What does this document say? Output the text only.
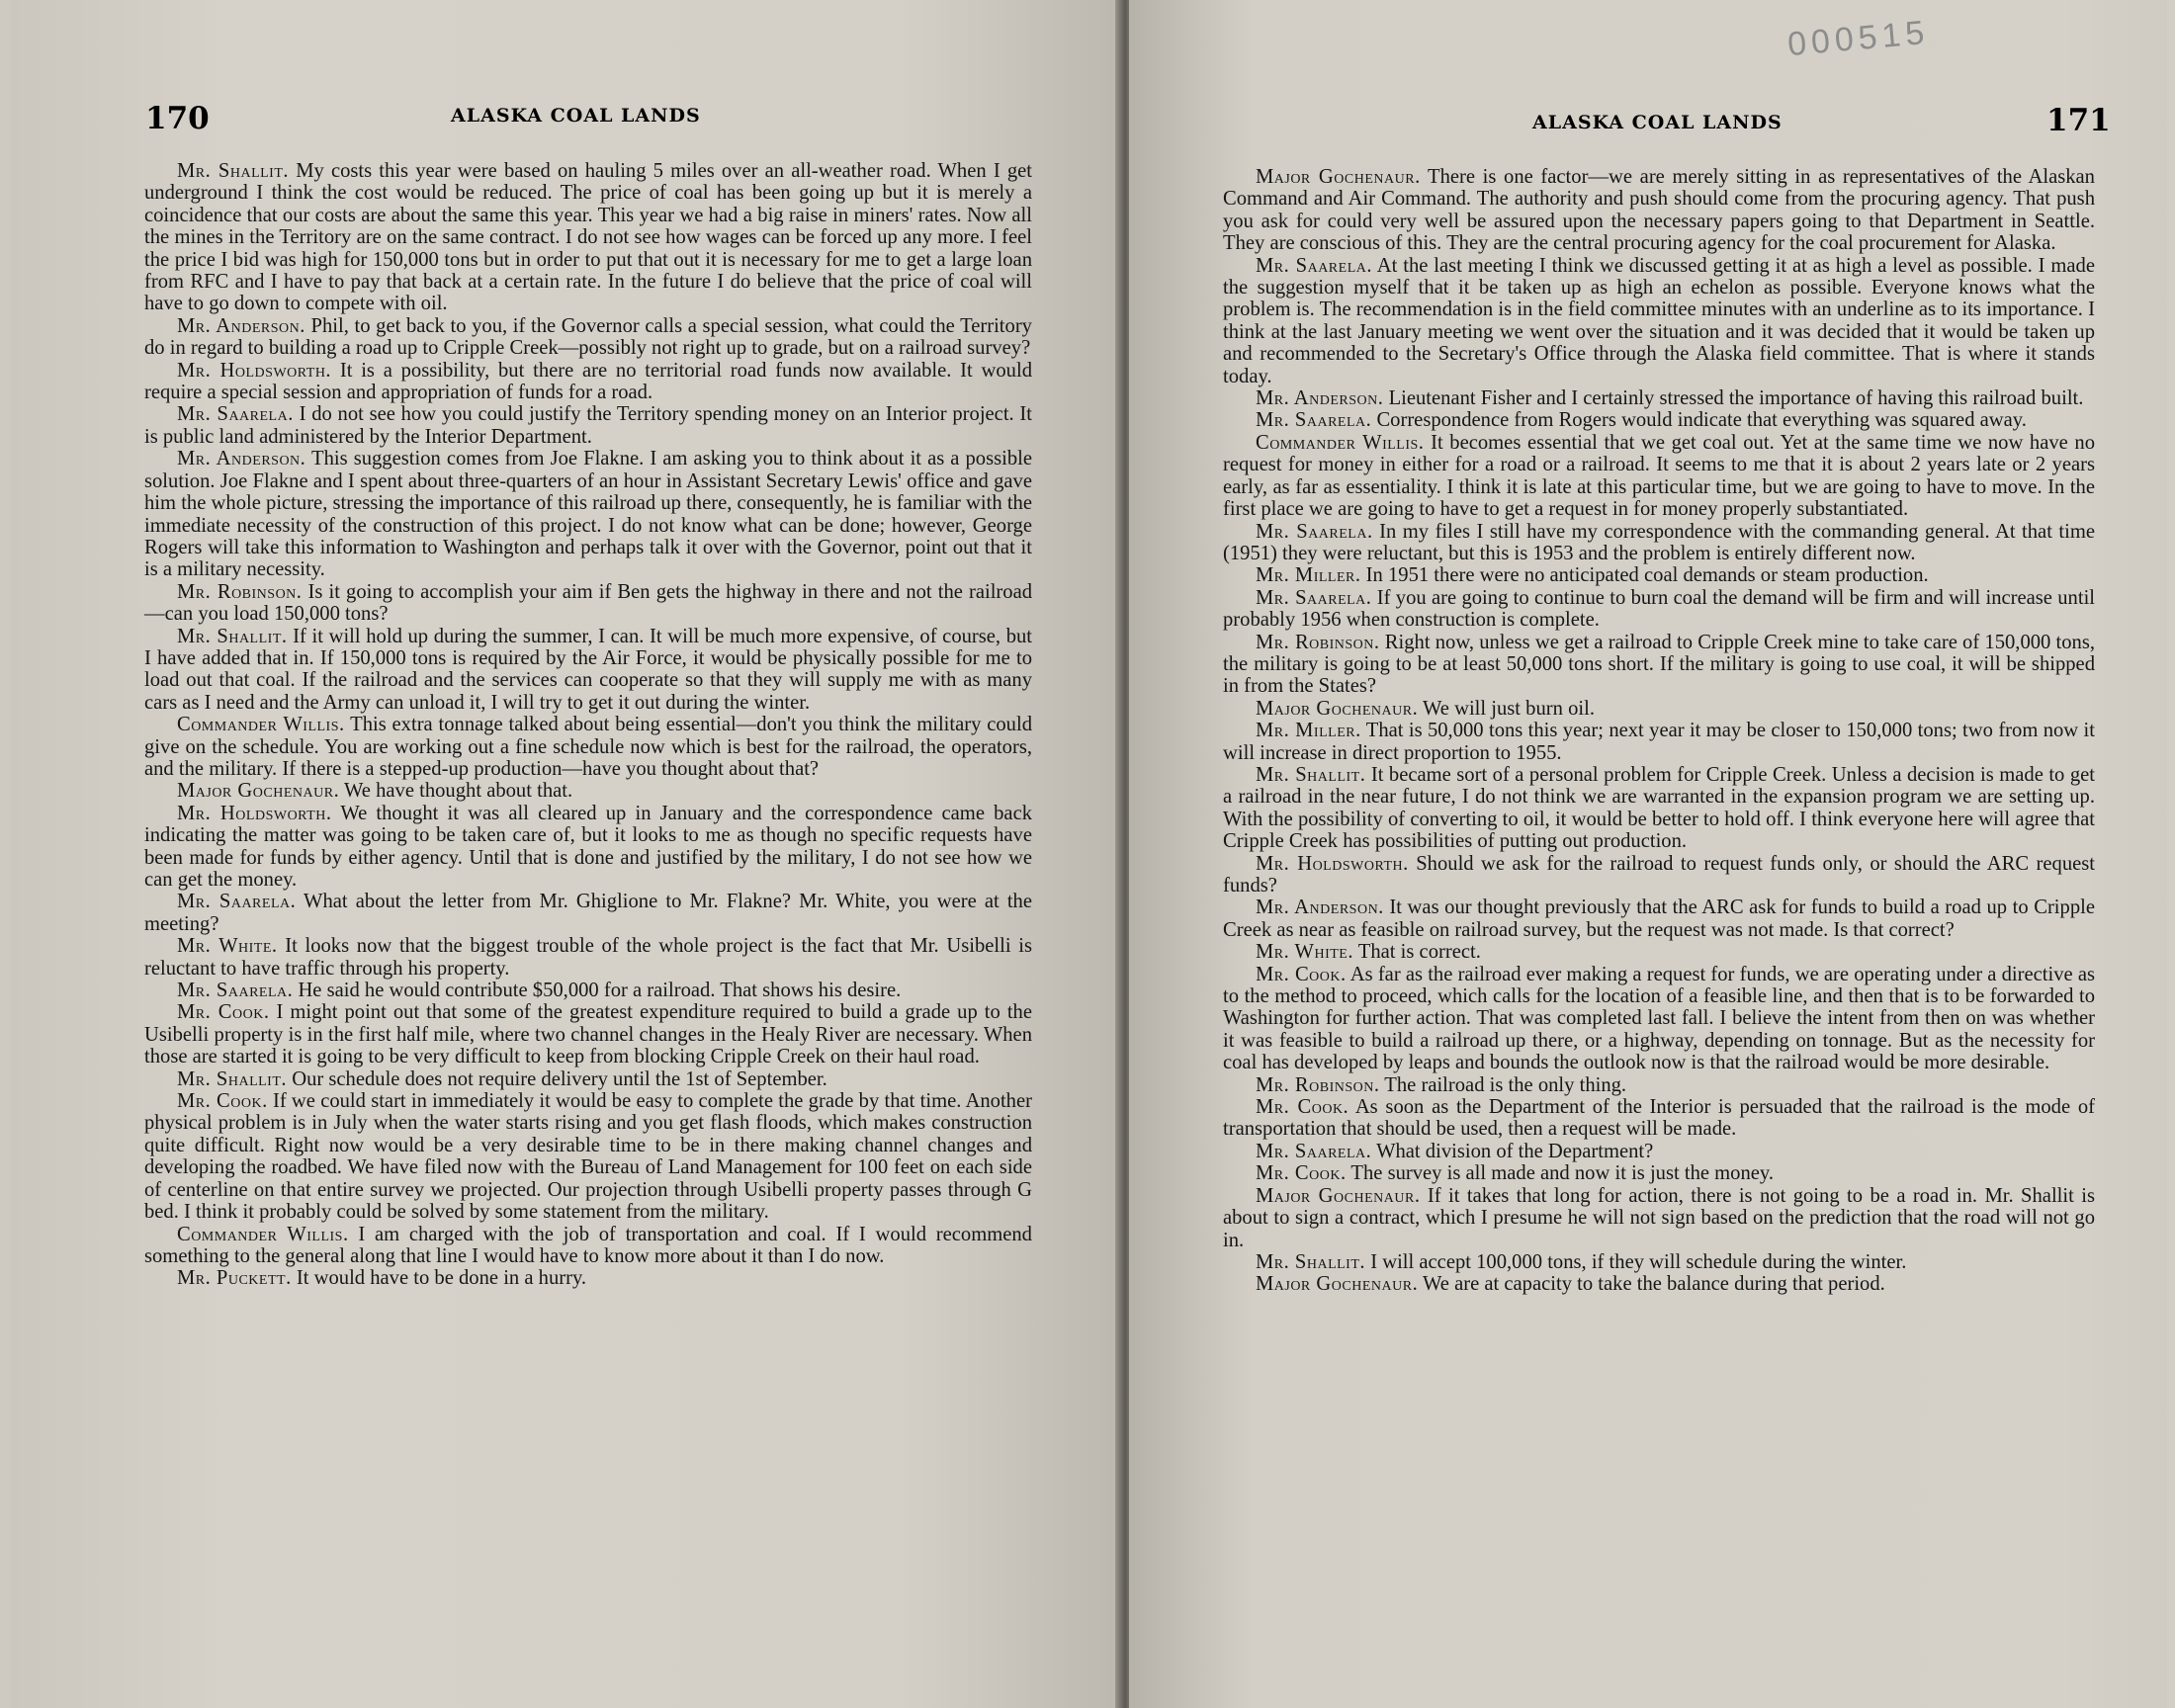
170	ALASKA COAL LANDS

Mr. Shallit. My costs this year were based on hauling 5 miles over an all-weather road. When I get underground I think the cost would be reduced. The price of coal has been going up but it is merely a coincidence that our costs are about the same this year. This year we had a big raise in miners' rates. Now all the mines in the Territory are on the same contract. I do not see how wages can be forced up any more. I feel the price I bid was high for 150,000 tons but in order to put that out it is necessary for me to get a large loan from RFC and I have to pay that back at a certain rate. In the future I do believe that the price of coal will have to go down to compete with oil.

Mr. Anderson. Phil, to get back to you, if the Governor calls a special session, what could the Territory do in regard to building a road up to Cripple Creek—possibly not right up to grade, but on a railroad survey?

Mr. Holdsworth. It is a possibility, but there are no territorial road funds now available. It would require a special session and appropriation of funds for a road.

Mr. Saarela. I do not see how you could justify the Territory spending money on an Interior project. It is public land administered by the Interior Department.

Mr. Anderson. This suggestion comes from Joe Flakne. I am asking you to think about it as a possible solution. Joe Flakne and I spent about three-quarters of an hour in Assistant Secretary Lewis' office and gave him the whole picture, stressing the importance of this railroad up there, consequently, he is familiar with the immediate necessity of the construction of this project. I do not know what can be done; however, George Rogers will take this information to Washington and perhaps talk it over with the Governor, point out that it is a military necessity.

Mr. Robinson. Is it going to accomplish your aim if Ben gets the highway in there and not the railroad—can you load 150,000 tons?

Mr. Shallit. If it will hold up during the summer, I can. It will be much more expensive, of course, but I have added that in. If 150,000 tons is required by the Air Force, it would be physically possible for me to load out that coal. If the railroad and the services can cooperate so that they will supply me with as many cars as I need and the Army can unload it, I will try to get it out during the winter.

Commander Willis. This extra tonnage talked about being essential—don't you think the military could give on the schedule. You are working out a fine schedule now which is best for the railroad, the operators, and the military. If there is a stepped-up production—have you thought about that?

Major Gochenaur. We have thought about that.

Mr. Holdsworth. We thought it was all cleared up in January and the correspondence came back indicating the matter was going to be taken care of, but it looks to me as though no specific requests have been made for funds by either agency. Until that is done and justified by the military, I do not see how we can get the money.

Mr. Saarela. What about the letter from Mr. Ghiglione to Mr. Flakne? Mr. White, you were at the meeting?

Mr. White. It looks now that the biggest trouble of the whole project is the fact that Mr. Usibelli is reluctant to have traffic through his property.

Mr. Saarela. He said he would contribute $50,000 for a railroad. That shows his desire.

Mr. Cook. I might point out that some of the greatest expenditure required to build a grade up to the Usibelli property is in the first half mile, where two channel changes in the Healy River are necessary. When those are started it is going to be very difficult to keep from blocking Cripple Creek on their haul road.

Mr. Shallit. Our schedule does not require delivery until the 1st of September.

Mr. Cook. If we could start in immediately it would be easy to complete the grade by that time. Another physical problem is in July when the water starts rising and you get flash floods, which makes construction quite difficult. Right now would be a very desirable time to be in there making channel changes and developing the roadbed. We have filed now with the Bureau of Land Management for 100 feet on each side of centerline on that entire survey we projected. Our projection through Usibelli property passes through G bed. I think it probably could be solved by some statement from the military.

Commander Willis. I am charged with the job of transportation and coal. If I would recommend something to the general along that line I would have to know more about it than I do now.

Mr. Puckett. It would have to be done in a hurry.

000515
ALASKA COAL LANDS	171

Major Gochenaur. There is one factor—we are merely sitting in as representatives of the Alaskan Command and Air Command. The authority and push should come from the procuring agency. That push you ask for could very well be assured upon the necessary papers going to that Department in Seattle. They are conscious of this. They are the central procuring agency for the coal procurement for Alaska.

Mr. Saarela. At the last meeting I think we discussed getting it at as high a level as possible. I made the suggestion myself that it be taken up as high an echelon as possible. Everyone knows what the problem is. The recommendation is in the field committee minutes with an underline as to its importance. I think at the last January meeting we went over the situation and it was decided that it would be taken up and recommended to the Secretary's Office through the Alaska field committee. That is where it stands today.

Mr. Anderson. Lieutenant Fisher and I certainly stressed the importance of having this railroad built.

Mr. Saarela. Correspondence from Rogers would indicate that everything was squared away.

Commander Willis. It becomes essential that we get coal out. Yet at the same time we now have no request for money in either for a road or a railroad. It seems to me that it is about 2 years late or 2 years early, as far as essentiality. I think it is late at this particular time, but we are going to have to move. In the first place we are going to have to get a request in for money properly substantiated.

Mr. Saarela. In my files I still have my correspondence with the commanding general. At that time (1951) they were reluctant, but this is 1953 and the problem is entirely different now.

Mr. Miller. In 1951 there were no anticipated coal demands or steam production.

Mr. Saarela. If you are going to continue to burn coal the demand will be firm and will increase until probably 1956 when construction is complete.

Mr. Robinson. Right now, unless we get a railroad to Cripple Creek mine to take care of 150,000 tons, the military is going to be at least 50,000 tons short. If the military is going to use coal, it will be shipped in from the States?

Major Gochenaur. We will just burn oil.

Mr. Miller. That is 50,000 tons this year; next year it may be closer to 150,000 tons; two from now it will increase in direct proportion to 1955.

Mr. Shallit. It became sort of a personal problem for Cripple Creek. Unless a decision is made to get a railroad in the near future, I do not think we are warranted in the expansion program we are setting up. With the possibility of converting to oil, it would be better to hold off. I think everyone here will agree that Cripple Creek has possibilities of putting out production.

Mr. Holdsworth. Should we ask for the railroad to request funds only, or should the ARC request funds?

Mr. Anderson. It was our thought previously that the ARC ask for funds to build a road up to Cripple Creek as near as feasible on railroad survey, but the request was not made. Is that correct?

Mr. White. That is correct.

Mr. Cook. As far as the railroad ever making a request for funds, we are operating under a directive as to the method to proceed, which calls for the location of a feasible line, and then that is to be forwarded to Washington for further action. That was completed last fall. I believe the intent from then on was whether it was feasible to build a railroad up there, or a highway, depending on tonnage. But as the necessity for coal has developed by leaps and bounds the outlook now is that the railroad would be more desirable.

Mr. Robinson. The railroad is the only thing.

Mr. Cook. As soon as the Department of the Interior is persuaded that the railroad is the mode of transportation that should be used, then a request will be made.

Mr. Saarela. What division of the Department?

Mr. Cook. The survey is all made and now it is just the money.

Major Gochenaur. If it takes that long for action, there is not going to be a road in. Mr. Shallit is about to sign a contract, which I presume he will not sign based on the prediction that the road will not go in.

Mr. Shallit. I will accept 100,000 tons, if they will schedule during the winter.

Major Gochenaur. We are at capacity to take the balance during that period.
